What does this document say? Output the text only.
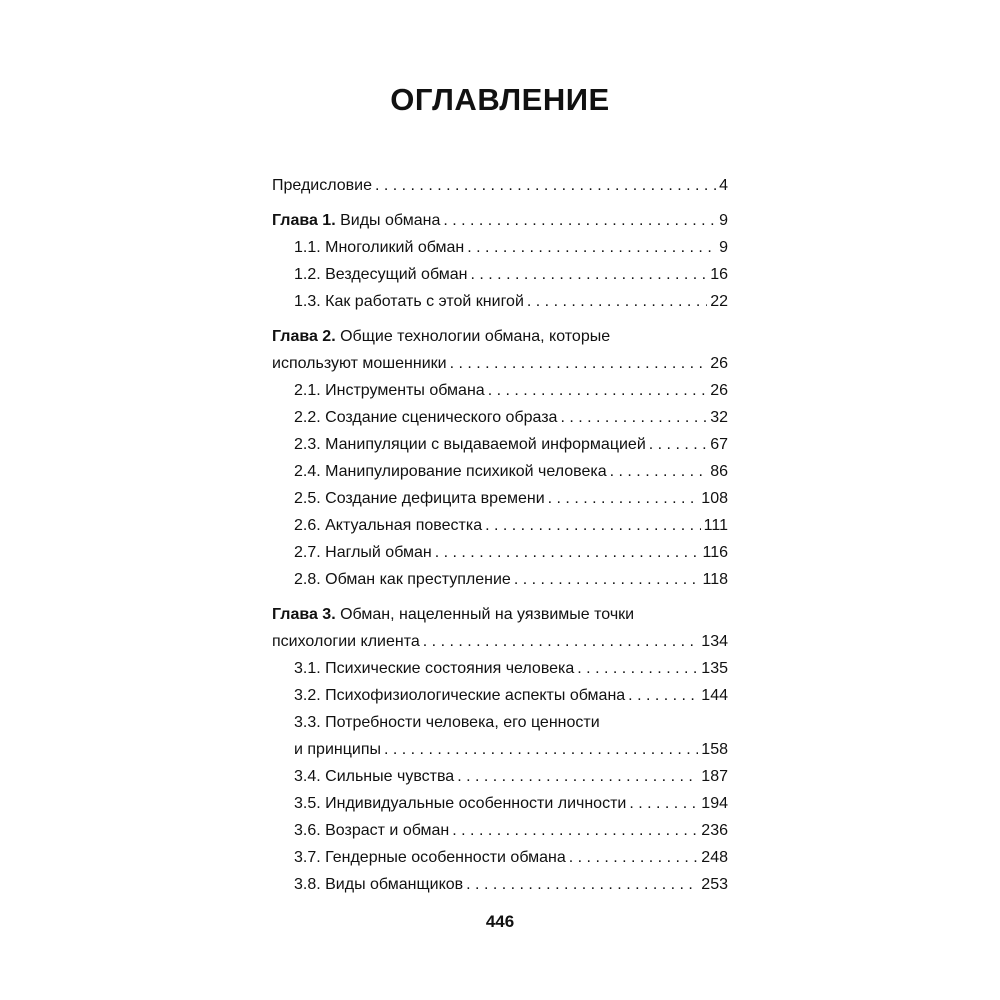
ОГЛАВЛЕНИЕ
Предисловие . . .	4
Глава 1. Виды обмана . . .	9
1.1. Многоликий обман . . .	9
1.2. Вездесущий обман . . .	16
1.3. Как работать с этой книгой . . .	22
Глава 2. Общие технологии обмана, которые
используют мошенники . . .	26
2.1. Инструменты обмана . . .	26
2.2. Создание сценического образа . . .	32
2.3. Манипуляции с выдаваемой информацией . . .	67
2.4. Манипулирование психикой человека . . .	86
2.5. Создание дефицита времени . . .	108
2.6. Актуальная повестка . . .	111
2.7. Наглый обман . . .	116
2.8. Обман как преступление . . .	118
Глава 3. Обман, нацеленный на уязвимые точки
психологии клиента . . .	134
3.1. Психические состояния человека . . .	135
3.2. Психофизиологические аспекты обмана . . .	144
3.3. Потребности человека, его ценности
и принципы . . .	158
3.4. Сильные чувства . . .	187
3.5. Индивидуальные особенности личности . . .	194
3.6. Возраст и обман . . .	236
3.7. Гендерные особенности обмана . . .	248
3.8. Виды обманщиков . . .	253
446
